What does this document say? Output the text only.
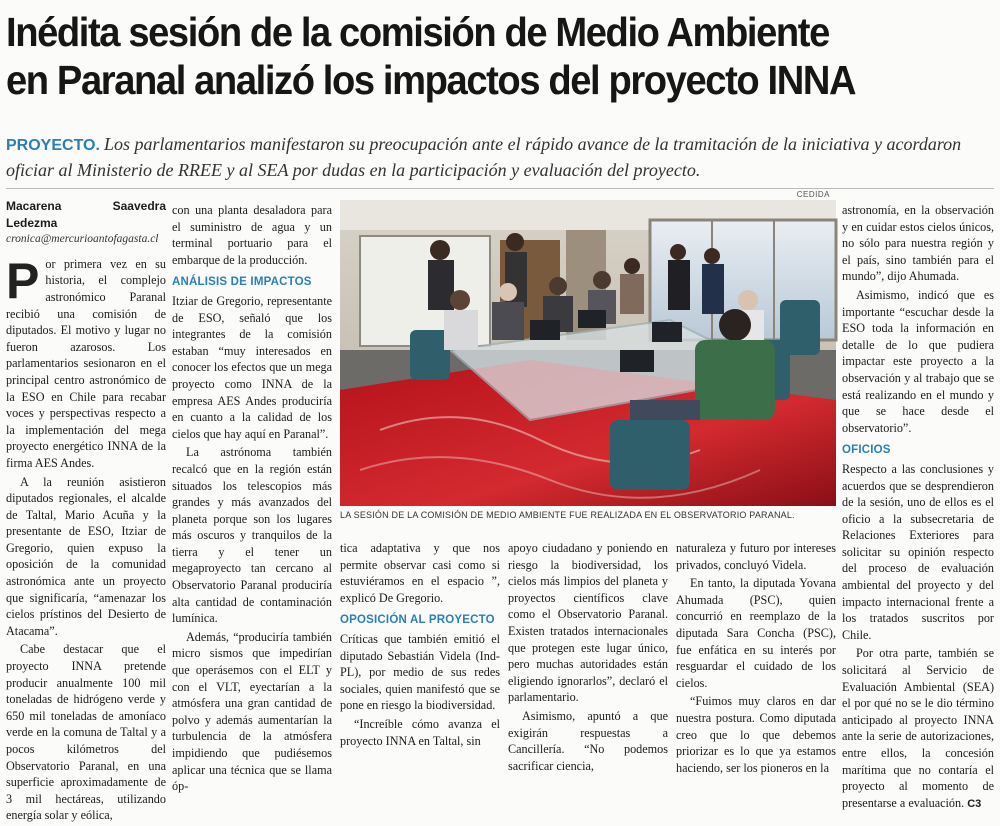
Inédita sesión de la comisión de Medio Ambiente
en Paranal analizó los impactos del proyecto INNA
PROYECTO. Los parlamentarios manifestaron su preocupación ante el rápido avance de la tramitación de la iniciativa y acordaron oficiar al Ministerio de RREE y al SEA por dudas en la participación y evaluación del proyecto.
Macarena Saavedra Ledezma
cronica@mercurioantofagasta.cl

Por primera vez en su historia, el complejo astronómico Paranal recibió una comisión de diputados. El motivo y lugar no fueron azarosos. Los parlamentarios sesionaron en el principal centro astronómico de la ESO en Chile para recabar voces y perspectivas respecto a la implementación del mega proyecto energético INNA de la firma AES Andes.

A la reunión asistieron diputados regionales, el alcalde de Taltal, Mario Acuña y la presentante de ESO, Itziar de Gregorio, quien expuso la oposición de la comunidad astronómica ante un proyecto que significaría, “amenazar los cielos prístinos del Desierto de Atacama”.

Cabe destacar que el proyecto INNA pretende producir anualmente 100 mil toneladas de hidrógeno verde y 650 mil toneladas de amoníaco verde en la comuna de Taltal y a pocos kilómetros del Observatorio Paranal, en una superficie aproximadamente de 3 mil hectáreas, utilizando energía solar y eólica,

con una planta desaladora para el suministro de agua y un terminal portuario para el embarque de la producción.

ANÁLISIS DE IMPACTOS

Itziar de Gregorio, representante de ESO, señaló que los integrantes de la comisión estaban “muy interesados en conocer los efectos que un mega proyecto como INNA de la empresa AES Andes produciría en cuanto a la calidad de los cielos que hay aquí en Paranal”.

La astrónoma también recalcó que en la región están situados los telescopios más grandes y más avanzados del planeta porque son los lugares más oscuros y tranquilos de la tierra y el tener un megaproyecto tan cercano al Observatorio Paranal produciría alta cantidad de contaminación lumínica.

Además, “produciría también micro sismos que impedirían que operásemos con el ELT y con el VLT, eyectarían a la atmósfera una gran cantidad de polvo y además aumentarían la turbulencia de la atmósfera impidiendo que pudiésemos aplicar una técnica que se llama óp-

CEDIDA
LA SESIÓN DE LA COMISIÓN DE MEDIO AMBIENTE FUE REALIZADA EN EL OBSERVATORIO PARANAL.

tica adaptativa y que nos permite observar casi como si estuviéramos en el espacio ”, explicó De Gregorio.

OPOSICIÓN AL PROYECTO

Críticas que también emitió el diputado Sebastián Videla (Ind-PL), por medio de sus redes sociales, quien manifestó que se pone en riesgo la biodiversidad.

“Increíble cómo avanza el proyecto INNA en Taltal, sin

apoyo ciudadano y poniendo en riesgo la biodiversidad, los cielos más limpios del planeta y proyectos científicos clave como el Observatorio Paranal. Existen tratados internacionales que protegen este lugar único, pero muchas autoridades están eligiendo ignorarlos”, declaró el parlamentario.

Asimismo, apuntó a que exigirán respuestas a Cancillería. “No podemos sacrificar ciencia,

naturaleza y futuro por intereses privados, concluyó Videla.

En tanto, la diputada Yovana Ahumada (PSC), quien concurrió en reemplazo de la diputada Sara Concha (PSC), fue enfática en su interés por resguardar el cuidado de los cielos.

“Fuimos muy claros en dar nuestra postura. Como diputada creo que lo que debemos priorizar es lo que ya estamos haciendo, ser los pioneros en la

astronomía, en la observación y en cuidar estos cielos únicos, no sólo para nuestra región y el país, sino también para el mundo”, dijo Ahumada.

Asimismo, indicó que es importante “escuchar desde la ESO toda la información en detalle de lo que pudiera impactar este proyecto a la observación y al trabajo que se está realizando en el mundo y que se hace desde el observatorio”.

OFICIOS

Respecto a las conclusiones y acuerdos que se desprendieron de la sesión, uno de ellos es el oficio a la subsecretaria de Relaciones Exteriores para solicitar su opinión respecto del proceso de evaluación ambiental del proyecto y del impacto internacional frente a los tratados suscritos por Chile.

Por otra parte, también se solicitará al Servicio de Evaluación Ambiental (SEA) el por qué no se le dio término anticipado al proyecto INNA ante la serie de autorizaciones, entre ellos, la concesión marítima que no contaría el proyecto al momento de presentarse a evaluación. C3
